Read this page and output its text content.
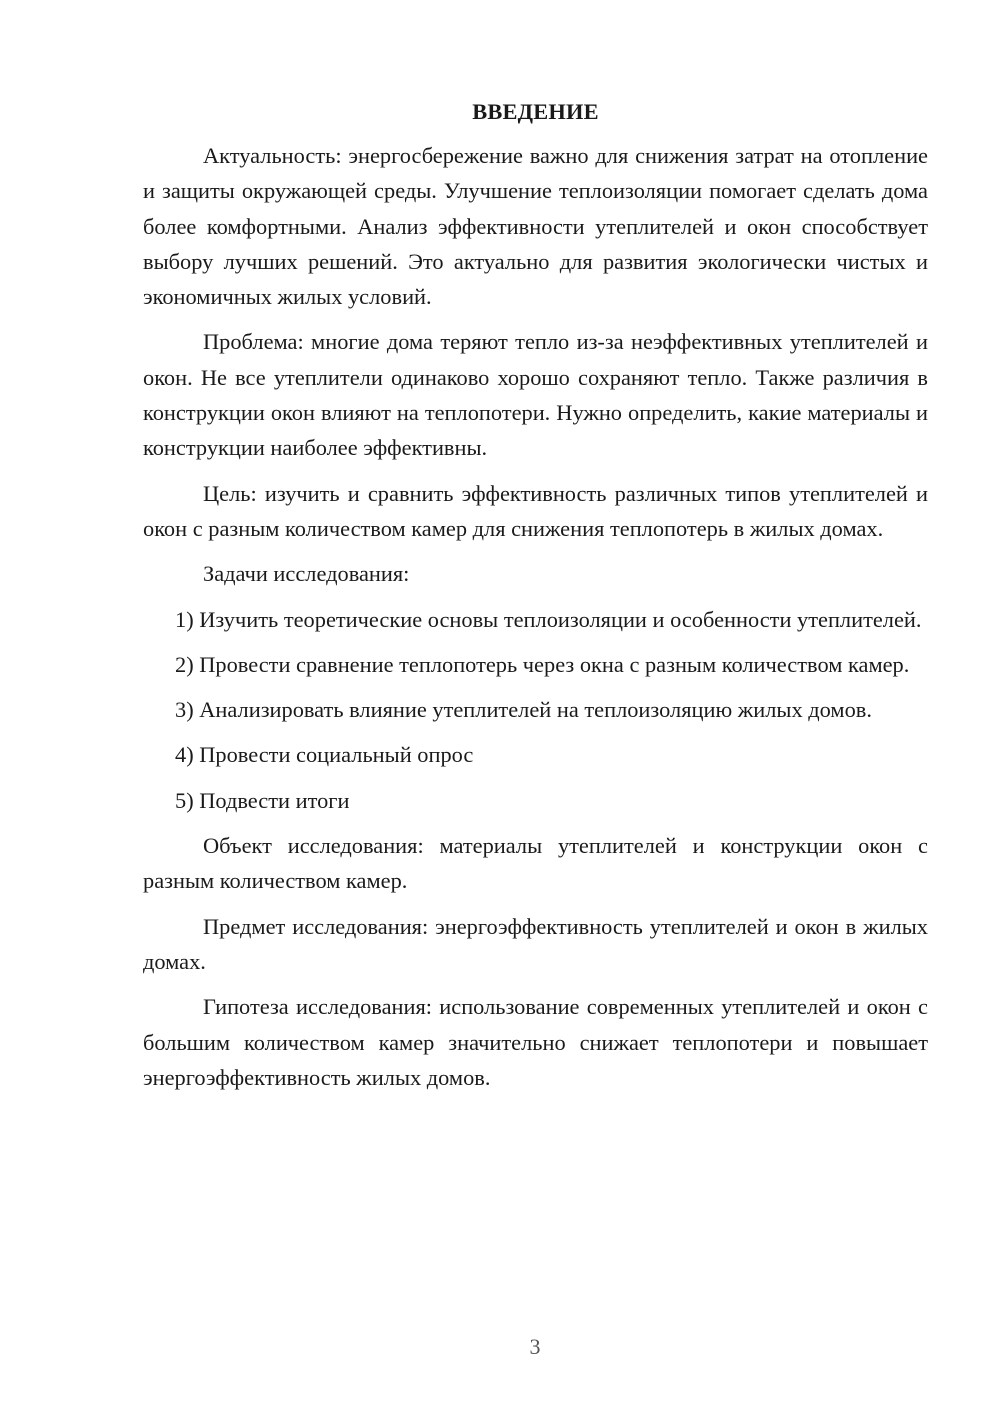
ВВЕДЕНИЕ

Актуальность: энергосбережение важно для снижения затрат на отопление и защиты окружающей среды. Улучшение теплоизоляции помогает сделать дома более комфортными. Анализ эффективности утеплителей и окон способствует выбору лучших решений. Это актуально для развития экологически чистых и экономичных жилых условий.

Проблема: многие дома теряют тепло из-за неэффективных утеплителей и окон. Не все утеплители одинаково хорошо сохраняют тепло. Также различия в конструкции окон влияют на теплопотери. Нужно определить, какие материалы и конструкции наиболее эффективны.

Цель: изучить и сравнить эффективность различных типов утеплителей и окон с разным количеством камер для снижения теплопотерь в жилых домах.

Задачи исследования:

1) Изучить теоретические основы теплоизоляции и особенности утеплителей.

2) Провести сравнение теплопотерь через окна с разным количеством камер.

3) Анализировать влияние утеплителей на теплоизоляцию жилых домов.

4) Провести социальный опрос

5) Подвести итоги

Объект исследования: материалы утеплителей и конструкции окон с разным количеством камер.

Предмет исследования: энергоэффективность утеплителей и окон в жилых домах.

Гипотеза исследования: использование современных утеплителей и окон с большим количеством камер значительно снижает теплопотери и повышает энергоэффективность жилых домов.

3
